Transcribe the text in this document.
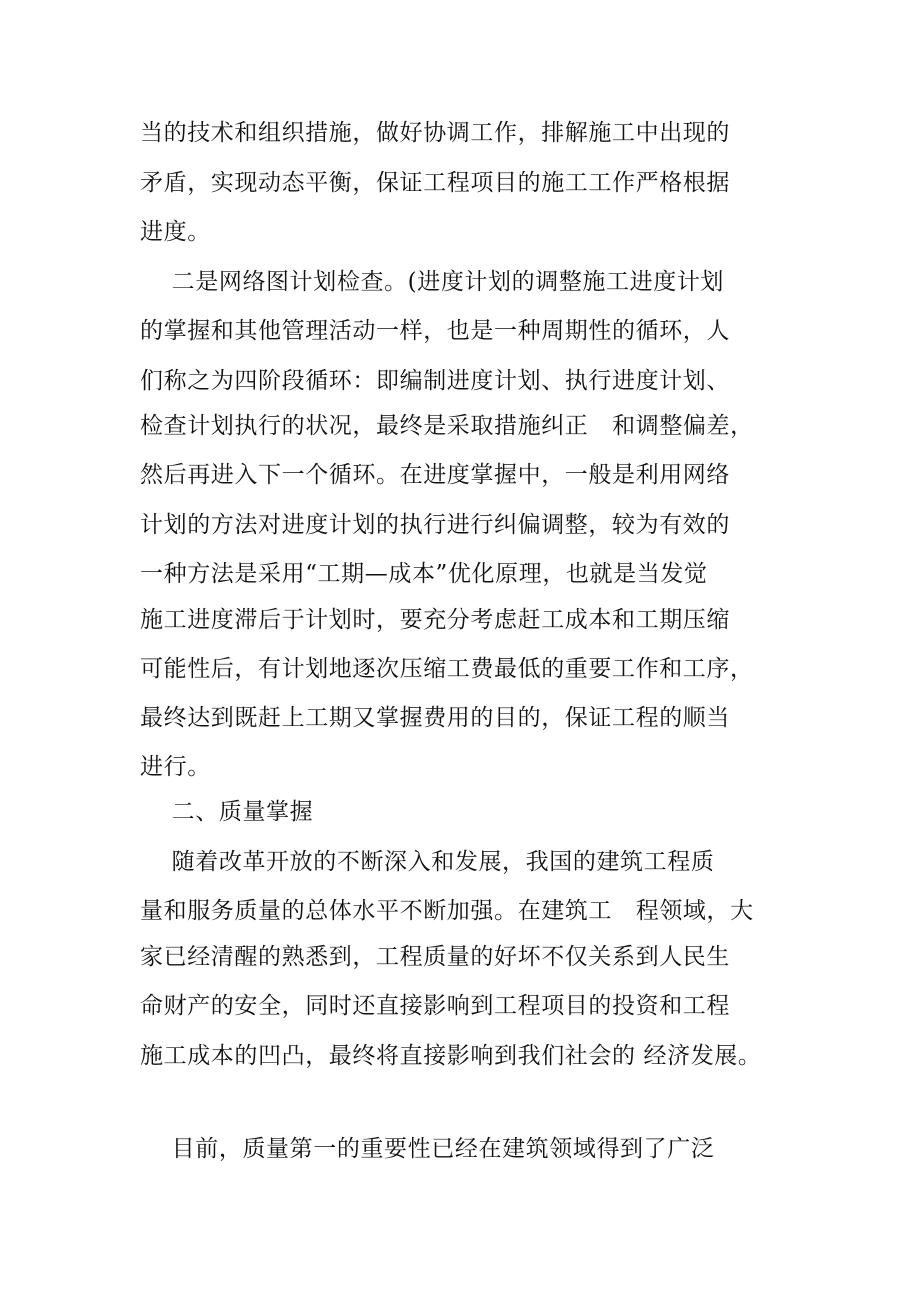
当的技术和组织措施，做好协调工作，排解施工中出现的
矛盾，实现动态平衡，保证工程项目的施工工作严格根据
进度。
二是网络图计划检查。(进度计划的调整施工进度计划
的掌握和其他管理活动一样，也是一种周期性的循环，人
们称之为四阶段循环：即编制进度计划、执行进度计划、
检查计划执行的状况，最终是采取措施纠正   和调整偏差，
然后再进入下一个循环。在进度掌握中，一般是利用网络
计划的方法对进度计划的执行进行纠偏调整，较为有效的
一种方法是采用“工期—成本”优化原理，也就是当发觉
施工进度滞后于计划时，要充分考虑赶工成本和工期压缩
可能性后，有计划地逐次压缩工费最低的重要工作和工序，
最终达到既赶上工期又掌握费用的目的，保证工程的顺当
进行。
二、质量掌握
随着改革开放的不断深入和发展，我国的建筑工程质
量和服务质量的总体水平不断加强。在建筑工   程领域，大
家已经清醒的熟悉到，工程质量的好坏不仅关系到人民生
命财产的安全，同时还直接影响到工程项目的投资和工程
施工成本的凹凸，最终将直接影响到我们社会的 经济发展。
目前，质量第一的重要性已经在建筑领域得到了广泛
